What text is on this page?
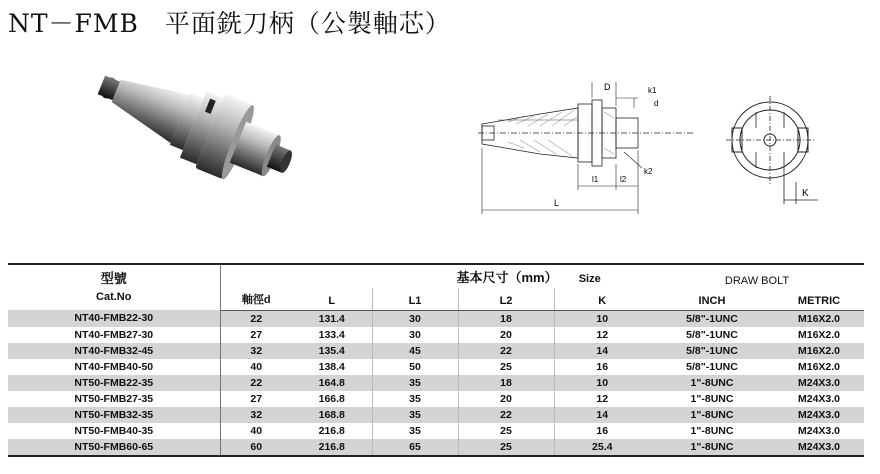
NT－FMB　平面銑刀柄（公製軸芯）
D	k1
d
k2
l1	l2
L
K
型號
Cat.No	基本尺寸（mm） Size					DRAW BOLT	
	軸徑d	L	L1	L2	K	INCH	METRIC
NT40-FMB22-30	22	131.4	30	18	10	5/8"-1UNC	M16X2.0
NT40-FMB27-30	27	133.4	30	20	12	5/8"-1UNC	M16X2.0
NT40-FMB32-45	32	135.4	45	22	14	5/8"-1UNC	M16X2.0
NT40-FMB40-50	40	138.4	50	25	16	5/8"-1UNC	M16X2.0
NT50-FMB22-35	22	164.8	35	18	10	1"-8UNC	M24X3.0
NT50-FMB27-35	27	166.8	35	20	12	1"-8UNC	M24X3.0
NT50-FMB32-35	32	168.8	35	22	14	1"-8UNC	M24X3.0
NT50-FMB40-35	40	216.8	35	25	16	1"-8UNC	M24X3.0
NT50-FMB60-65	60	216.8	65	25	25.4	1"-8UNC	M24X3.0
